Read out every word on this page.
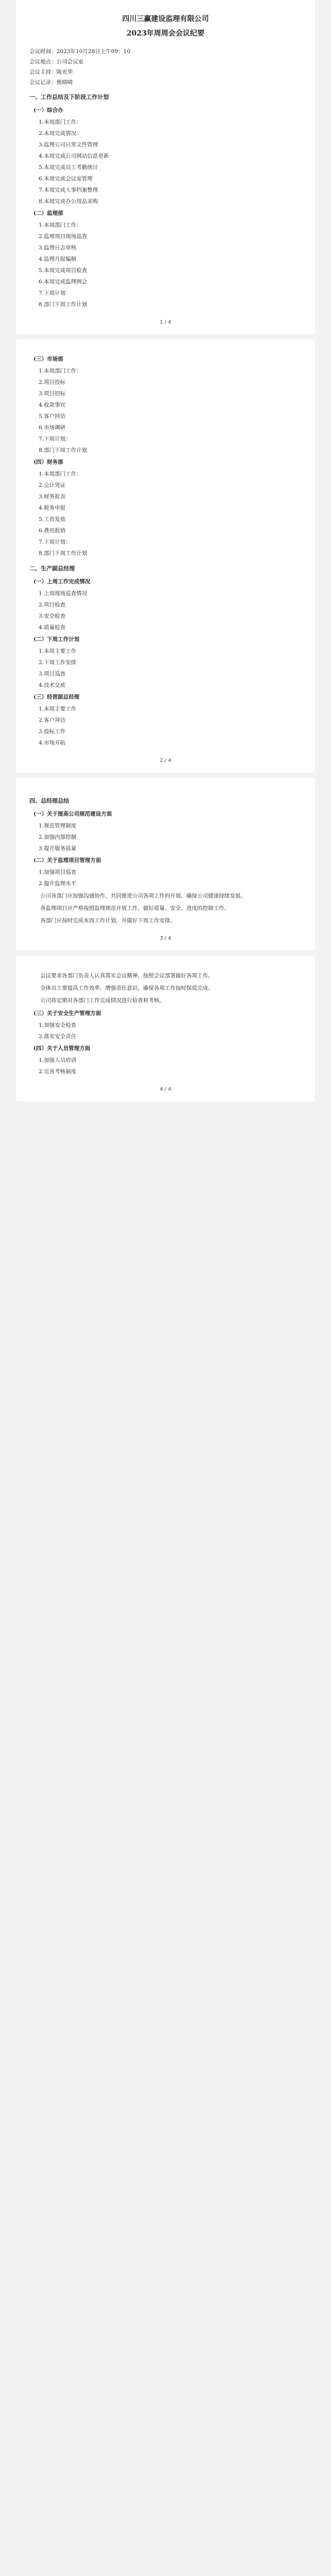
四川三赢建设监理有限公司
2023年周周会会议纪要
会议时间：2023年10月28日上午09：10
会议地点：公司会议室
会议主持：陈光华
会议记录：熊晴晴
一、工作总结及下阶段工作计划
(一）综合办
1.本周部门工作：
2.本周完成情况：
3.监理公司日常文件管理
4.本周完成公司网站信息更新
5.本周完成员工考勤统计
6.本周完成会议室管理
7.本周完成人事档案整理
8.本周完成办公用品采购
(二）监理部
1.本周部门工作：
2.监理项目现场巡查
3.监理日志审核
4.监理月报编制
5.本周完成项目检查
6.本周完成监理例会
7.下周计划：
8.部门下周工作计划
1 / 4
(三）市场部
1.本周部门工作：
2.项目投标
3.项目招标
4.收款事宜
5.客户回访
6.市场调研
7.下周计划：
8.部门下周工作计划
(四）财务部
1.本周部门工作：
2.会计凭证
3.财务报表
4.税务申报
5.工资发放
6.费用报销
7.下周计划：
8.部门下周工作计划
二、生产副总经理
(一）上周工作完成情况
1.上周现场巡查情况
2.项目检查
3.安全检查
4.质量检查
(二）下周工作计划
1.本周主要工作
2.下周工作安排
3.项目巡查
4.技术交底
(三）经营副总经理
1.本周主要工作
2.客户拜访
3.投标工作
4.市场开拓
2 / 4
四、总经理总结
(一）关于提高公司规范建设方面
1.规范管理制度
2.加强内部控制
3.提升服务质量
(二）关于监理项目管理方面
1.加强项目巡查
2.提升监理水平

公司各部门应加强沟通协作，共同推进公司各项工作的开展，确保公司健康持续发展。

各监理项目应严格按照监理规范开展工作，做好质量、安全、进度的控制工作。

各部门应按时完成本周工作计划，并做好下周工作安排。

3 / 4

会议要求各部门负责人认真落实会议精神，按照会议部署做好各项工作。

全体员工要提高工作效率，增强责任意识，确保各项工作按时保质完成。

公司将定期对各部门工作完成情况进行检查和考核。

(三）关于安全生产管理方面
1.加强安全检查
2.落实安全责任
(四）关于人员管理方面
1.加强人员培训
2.完善考核制度
4 / 4
